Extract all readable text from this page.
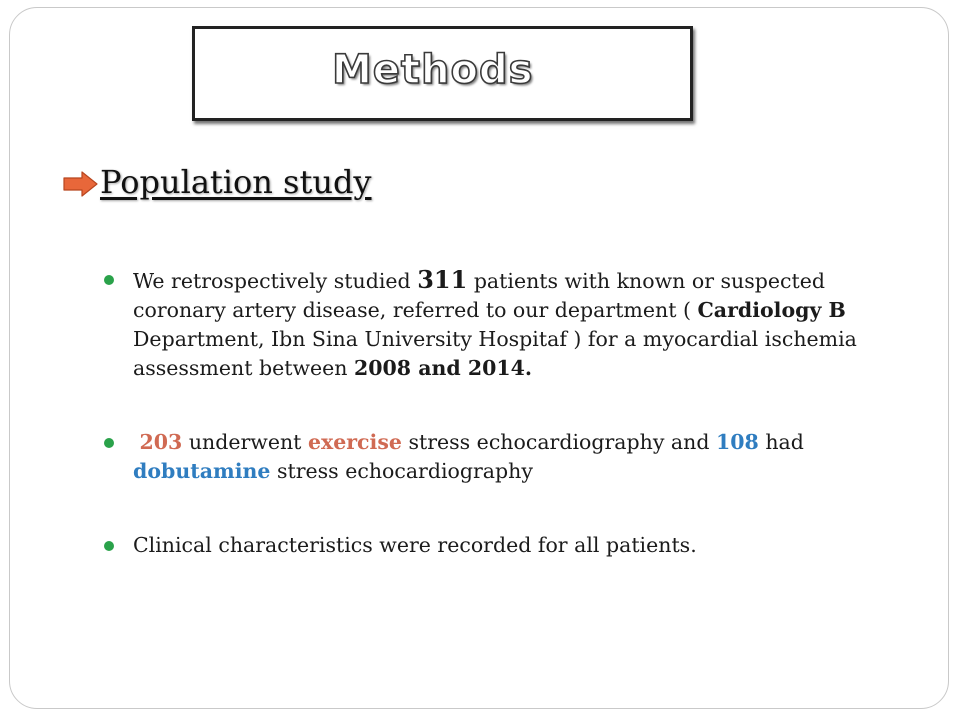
Methods
Population study
We retrospectively studied 311 patients with known or suspected coronary artery disease, referred to our department ( Cardiology B Department, Ibn Sina University Hospitaf ) for a myocardial ischemia assessment between 2008 and 2014.
203 underwent exercise stress echocardiography and 108 had dobutamine stress echocardiography
Clinical characteristics were recorded for all patients.
